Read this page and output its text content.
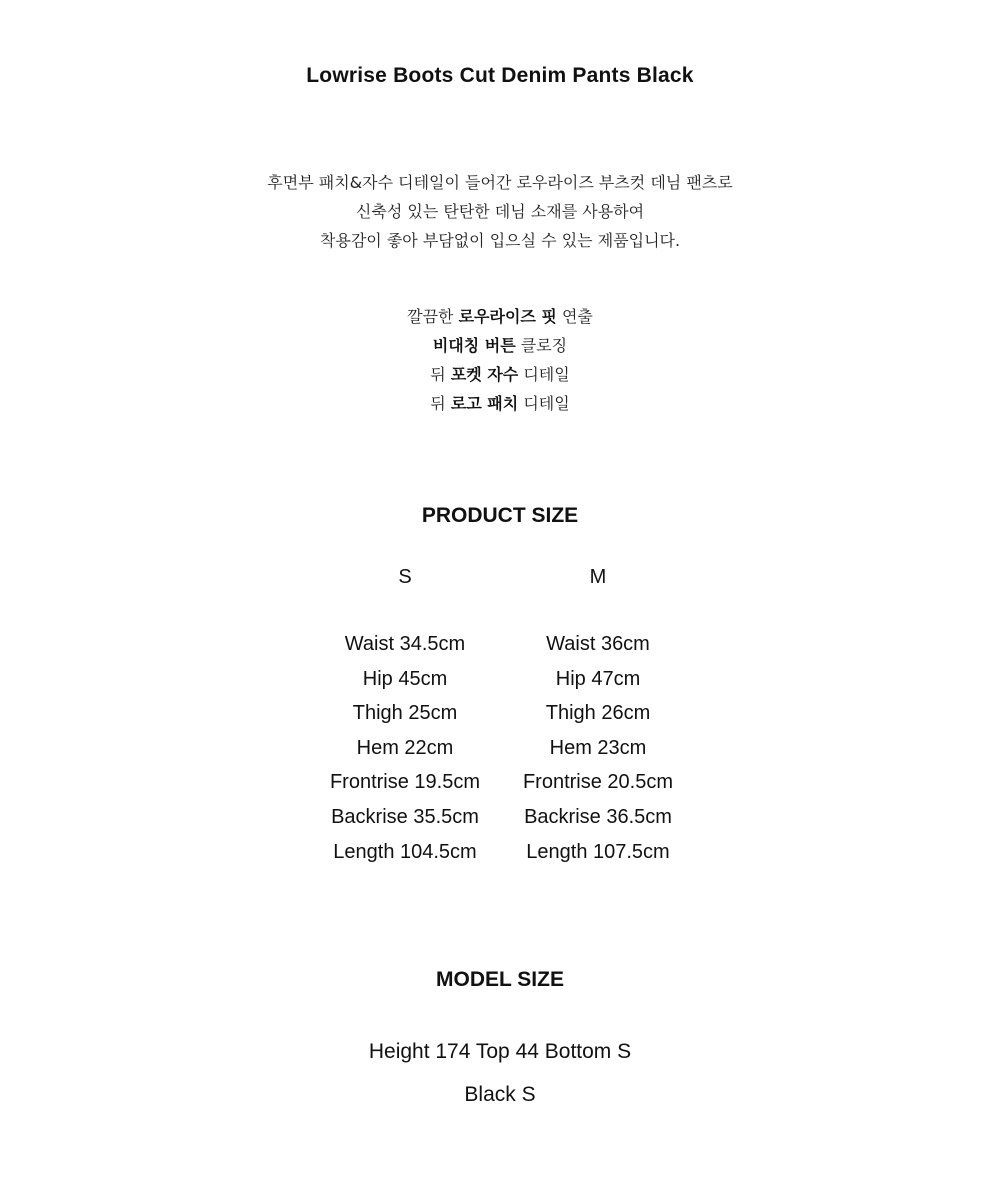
Lowrise Boots Cut Denim Pants Black
후면부 패치&자수 디테일이 들어간 로우라이즈 부츠컷 데님 팬츠로
신축성 있는 탄탄한 데님 소재를 사용하여
착용감이 좋아 부담없이 입으실 수 있는 제품입니다.
깔끔한 로우라이즈 핏 연출
비대칭 버튼 클로징
뒤 포켓 자수 디테일
뒤 로고 패치 디테일
PRODUCT SIZE
S
Waist 34.5cm
Hip 45cm
Thigh 25cm
Hem 22cm
Frontrise 19.5cm
Backrise 35.5cm
Length 104.5cm
M
Waist 36cm
Hip 47cm
Thigh 26cm
Hem 23cm
Frontrise 20.5cm
Backrise 36.5cm
Length 107.5cm
MODEL SIZE
Height 174 Top 44 Bottom S
Black S
